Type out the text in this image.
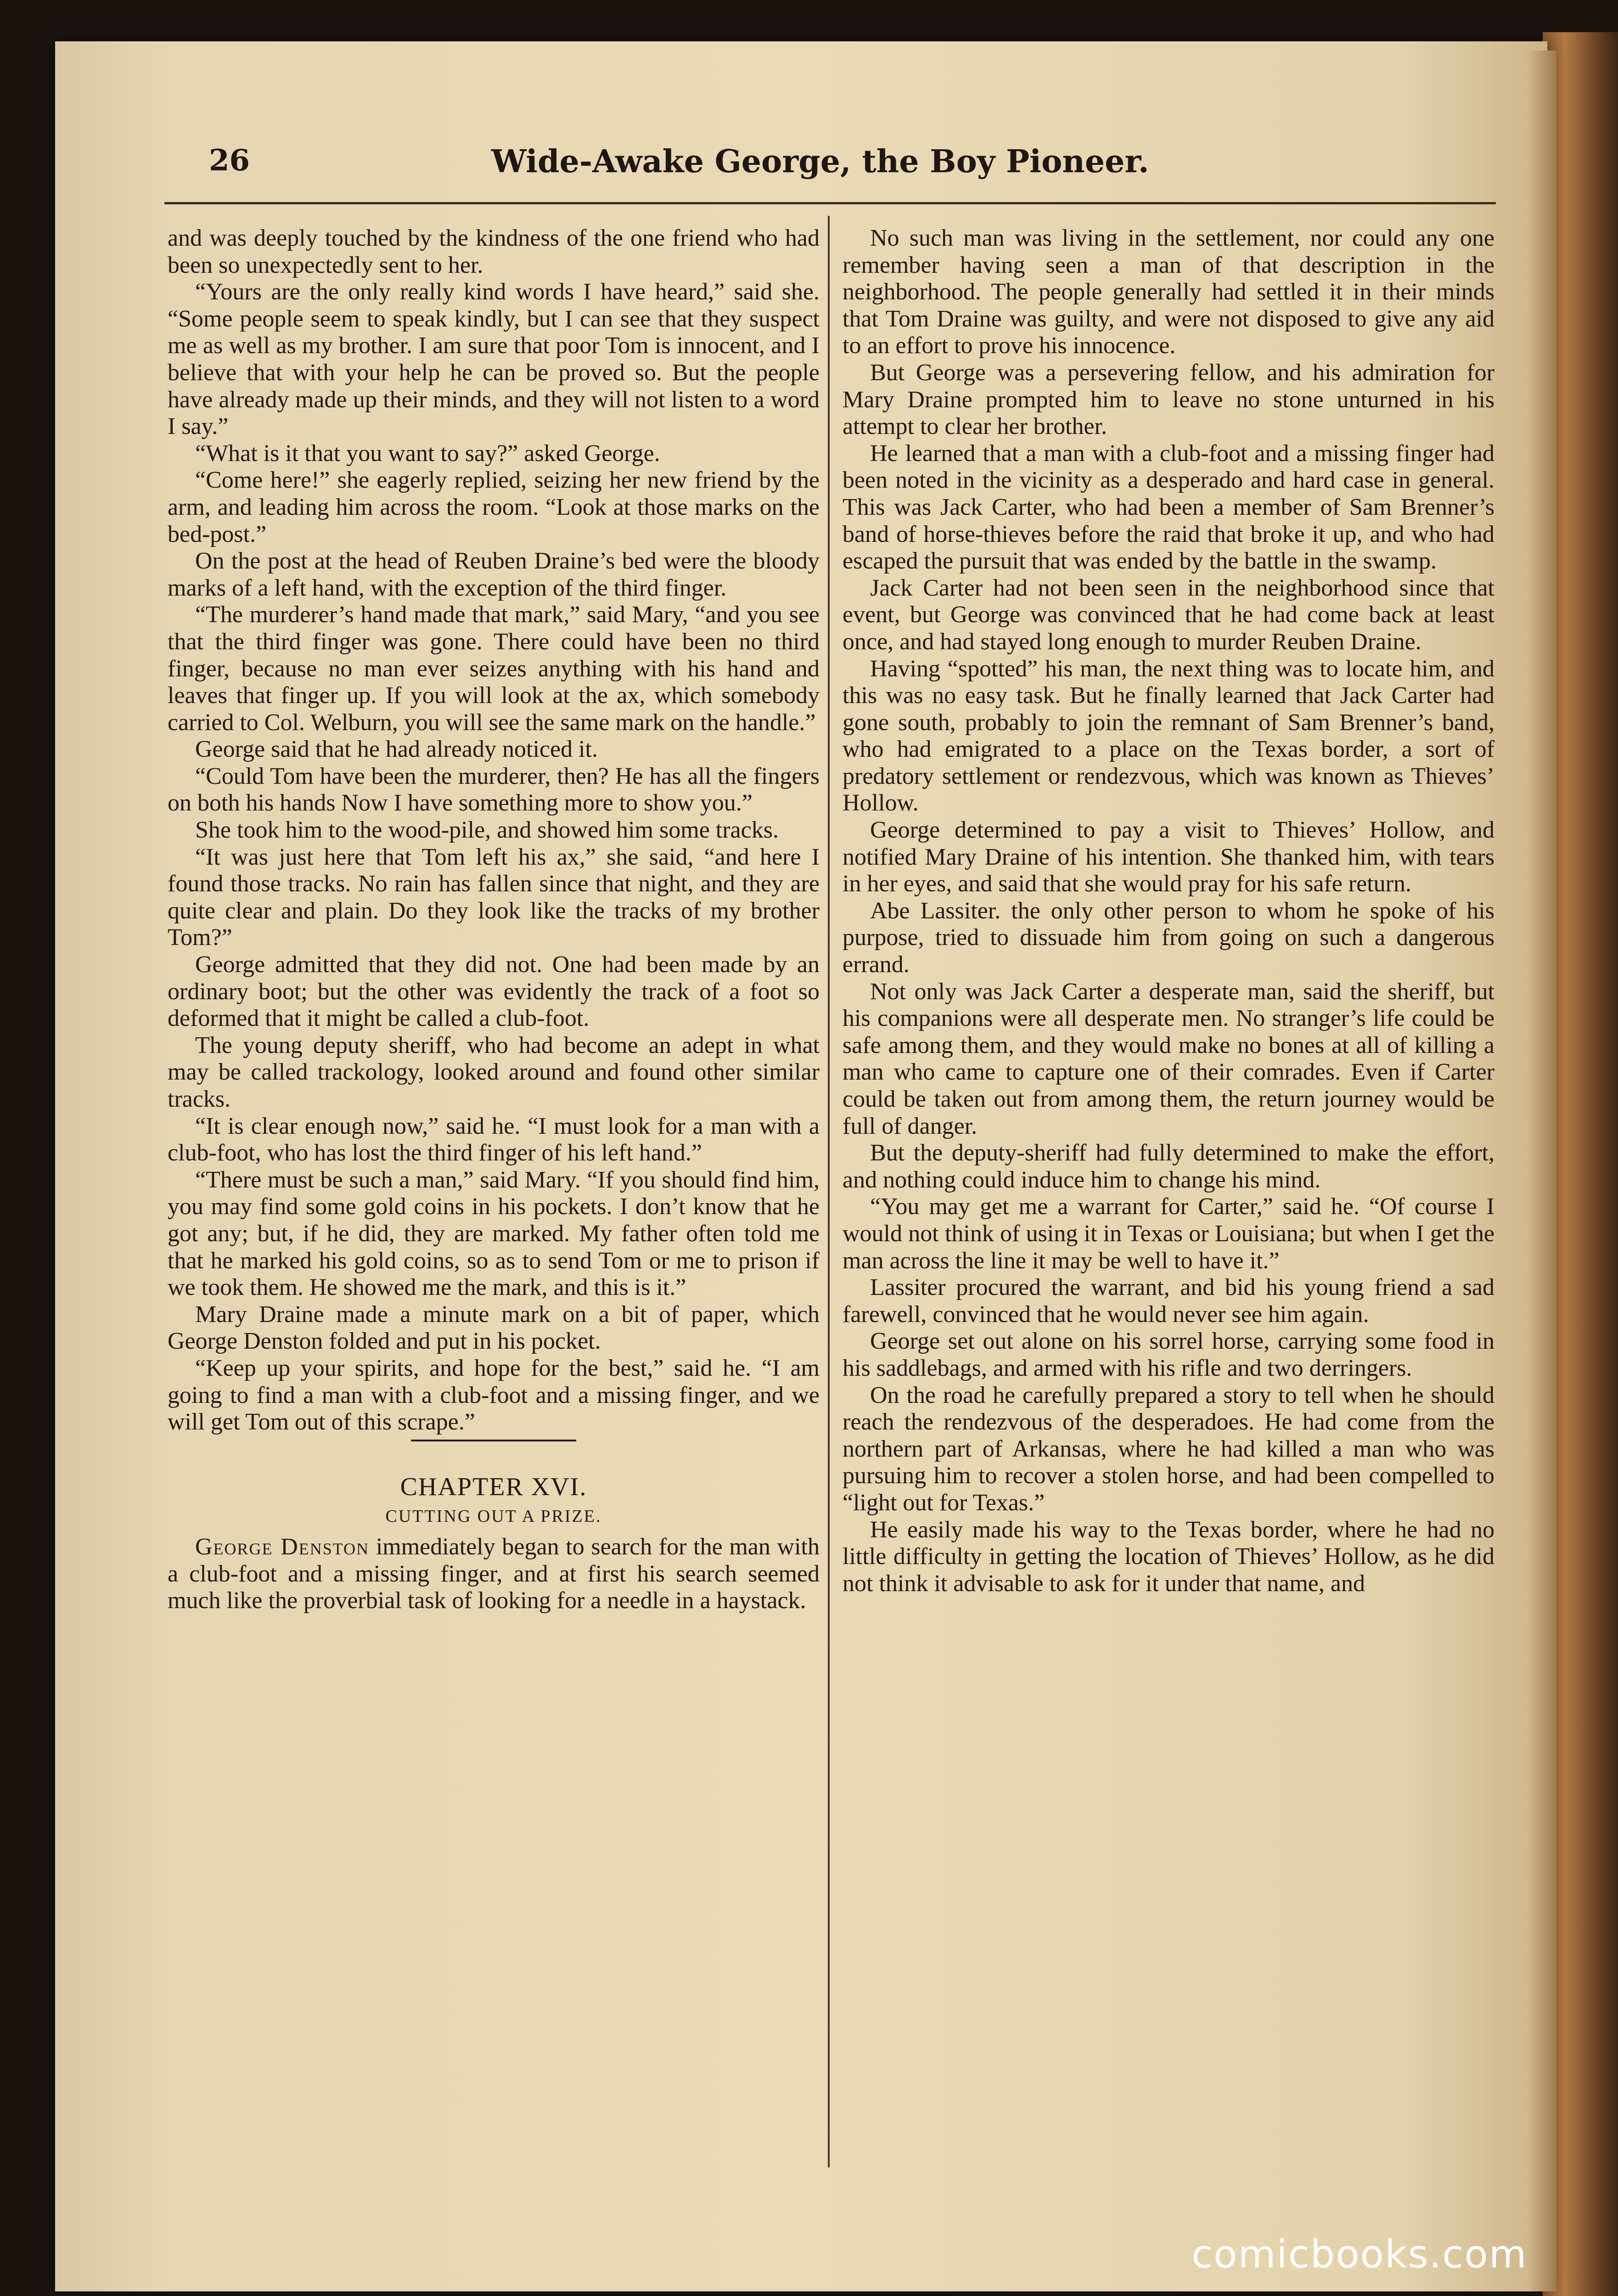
26	Wide-Awake George, the Boy Pioneer.

and was deeply touched by the kindness of the one friend who had been so unexpectedly sent to her.

“Yours are the only really kind words I have heard,” said she. “Some people seem to speak kindly, but I can see that they suspect me as well as my brother. I am sure that poor Tom is innocent, and I believe that with your help he can be proved so. But the people have already made up their minds, and they will not listen to a word I say.”

“What is it that you want to say?” asked George.

“Come here!” she eagerly replied, seizing her new friend by the arm, and leading him across the room. “Look at those marks on the bed-post.”

On the post at the head of Reuben Draine’s bed were the bloody marks of a left hand, with the exception of the third finger.

“The murderer’s hand made that mark,” said Mary, “and you see that the third finger was gone. There could have been no third finger, because no man ever seizes anything with his hand and leaves that finger up. If you will look at the ax, which somebody carried to Col. Welburn, you will see the same mark on the handle.”

George said that he had already noticed it.

“Could Tom have been the murderer, then? He has all the fingers on both his hands Now I have something more to show you.”

She took him to the wood-pile, and showed him some tracks.

“It was just here that Tom left his ax,” she said, “and here I found those tracks. No rain has fallen since that night, and they are quite clear and plain. Do they look like the tracks of my brother Tom?”

George admitted that they did not. One had been made by an ordinary boot; but the other was evidently the track of a foot so deformed that it might be called a club-foot.

The young deputy sheriff, who had become an adept in what may be called trackology, looked around and found other similar tracks.

“It is clear enough now,” said he. “I must look for a man with a club-foot, who has lost the third finger of his left hand.”

“There must be such a man,” said Mary. “If you should find him, you may find some gold coins in his pockets. I don’t know that he got any; but, if he did, they are marked. My father often told me that he marked his gold coins, so as to send Tom or me to prison if we took them. He showed me the mark, and this is it.”

Mary Draine made a minute mark on a bit of paper, which George Denston folded and put in his pocket.

“Keep up your spirits, and hope for the best,” said he. “I am going to find a man with a club-foot and a missing finger, and we will get Tom out of this scrape.”

CHAPTER XVI.
CUTTING OUT A PRIZE.

George Denston immediately began to search for the man with a club-foot and a missing finger, and at first his search seemed much like the proverbial task of looking for a needle in a haystack.

No such man was living in the settlement, nor could any one remember having seen a man of that description in the neighborhood. The people generally had settled it in their minds that Tom Draine was guilty, and were not disposed to give any aid to an effort to prove his innocence.

But George was a persevering fellow, and his admiration for Mary Draine prompted him to leave no stone unturned in his attempt to clear her brother.

He learned that a man with a club-foot and a missing finger had been noted in the vicinity as a desperado and hard case in general. This was Jack Carter, who had been a member of Sam Brenner’s band of horse-thieves before the raid that broke it up, and who had escaped the pursuit that was ended by the battle in the swamp.

Jack Carter had not been seen in the neighborhood since that event, but George was convinced that he had come back at least once, and had stayed long enough to murder Reuben Draine.

Having “spotted” his man, the next thing was to locate him, and this was no easy task. But he finally learned that Jack Carter had gone south, probably to join the remnant of Sam Brenner’s band, who had emigrated to a place on the Texas border, a sort of predatory settlement or rendezvous, which was known as Thieves’ Hollow.

George determined to pay a visit to Thieves’ Hollow, and notified Mary Draine of his intention. She thanked him, with tears in her eyes, and said that she would pray for his safe return.

Abe Lassiter. the only other person to whom he spoke of his purpose, tried to dissuade him from going on such a dangerous errand.

Not only was Jack Carter a desperate man, said the sheriff, but his companions were all desperate men. No stranger’s life could be safe among them, and they would make no bones at all of killing a man who came to capture one of their comrades. Even if Carter could be taken out from among them, the return journey would be full of danger.

But the deputy-sheriff had fully determined to make the effort, and nothing could induce him to change his mind.

“You may get me a warrant for Carter,” said he. “Of course I would not think of using it in Texas or Louisiana; but when I get the man across the line it may be well to have it.”

Lassiter procured the warrant, and bid his young friend a sad farewell, convinced that he would never see him again.

George set out alone on his sorrel horse, carrying some food in his saddlebags, and armed with his rifle and two derringers.

On the road he carefully prepared a story to tell when he should reach the rendezvous of the desperadoes. He had come from the northern part of Arkansas, where he had killed a man who was pursuing him to recover a stolen horse, and had been compelled to “light out for Texas.”

He easily made his way to the Texas border, where he had no little difficulty in getting the location of Thieves’ Hollow, as he did not think it advisable to ask for it under that name, and

comicbooks.com
